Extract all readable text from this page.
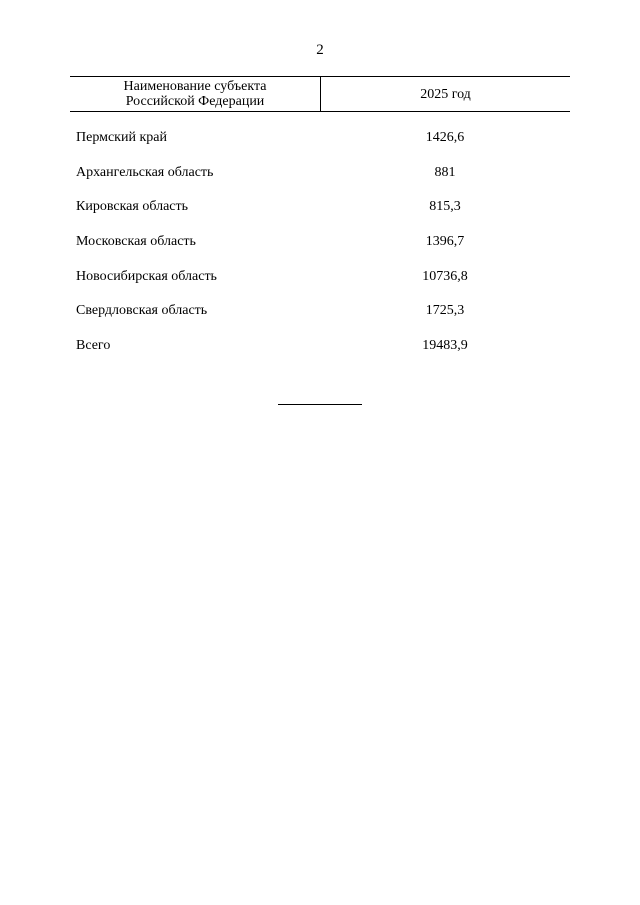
2
Наименование субъекта
Российской Федерации	2025 год
Пермский край	1426,6
Архангельская область	881
Кировская область	815,3
Московская область	1396,7
Новосибирская область	10736,8
Свердловская область	1725,3
Всего	19483,9
